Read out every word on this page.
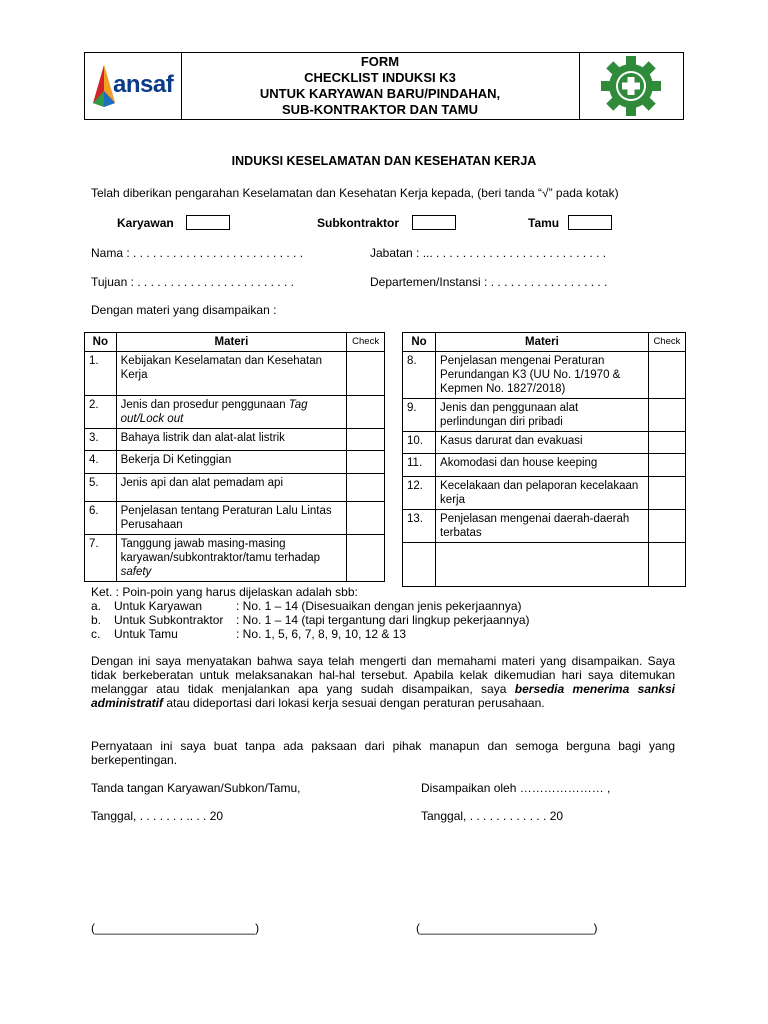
ansaf
FORM
CHECKLIST INDUKSI K3
UNTUK KARYAWAN BARU/PINDAHAN,
SUB-KONTRAKTOR DAN TAMU
INDUKSI KESELAMATAN DAN KESEHATAN KERJA
Telah diberikan pengarahan Keselamatan dan Kesehatan Kerja kepada, (beri tanda “√” pada kotak)
Karyawan	Subkontraktor	Tamu
Nama : . . . . . . . . . . . . . . . . . . . . . . . . . .	Jabatan : ... . . . . . . . . . . . . . . . . . . . . . . . . . .
Tujuan : . . . . . . . . . . . . . . . . . . . . . . . .	Departemen/Instansi : . . . . . . . . . . . . . . . . . .
Dengan materi yang disampaikan :
No	Materi	Check
1.	Kebijakan Keselamatan dan Kesehatan Kerja	
2.	Jenis dan prosedur penggunaan Tag out/Lock out	
3.	Bahaya listrik dan alat-alat listrik	
4.	Bekerja Di Ketinggian	
5.	Jenis api dan alat pemadam api	
6.	Penjelasan tentang Peraturan Lalu Lintas Perusahaan	
7.	Tanggung jawab masing-masing karyawan/subkontraktor/tamu terhadap safety	
No	Materi	Check
8.	Penjelasan mengenai Peraturan Perundangan K3 (UU No. 1/1970 & Kepmen No. 1827/2018)	
9.	Jenis dan penggunaan alat perlindungan diri pribadi	
10.	Kasus darurat dan evakuasi	
11.	Akomodasi dan house keeping	
12.	Kecelakaan dan pelaporan kecelakaan kerja	
13.	Penjelasan mengenai daerah-daerah terbatas	

Ket. : Poin-poin yang harus dijelaskan adalah sbb:
a. Untuk Karyawan	: No. 1 – 14 (Disesuaikan dengan jenis pekerjaannya)
b. Untuk Subkontraktor : No. 1 – 14 (tapi tergantung dari lingkup pekerjaannya)
c. Untuk Tamu	: No. 1, 5, 6, 7, 8, 9, 10, 12 & 13
Dengan ini saya menyatakan bahwa saya telah mengerti dan memahami materi yang disampaikan. Saya tidak berkeberatan untuk melaksanakan hal-hal tersebut. Apabila kelak dikemudian hari saya ditemukan melanggar atau tidak menjalankan apa yang sudah disampaikan, saya bersedia menerima sanksi administratif atau dideportasi dari lokasi kerja sesuai dengan peraturan perusahaan.
Pernyataan ini saya buat tanpa ada paksaan dari pihak manapun dan semoga berguna bagi yang berkepentingan.
Tanda tangan Karyawan/Subkon/Tamu,	Disampaikan oleh ………………… ,
Tanggal, . . . . . . . .. . . 20	Tanggal, . . . . . . . . . . . . 20
(________________________)	(__________________________)
